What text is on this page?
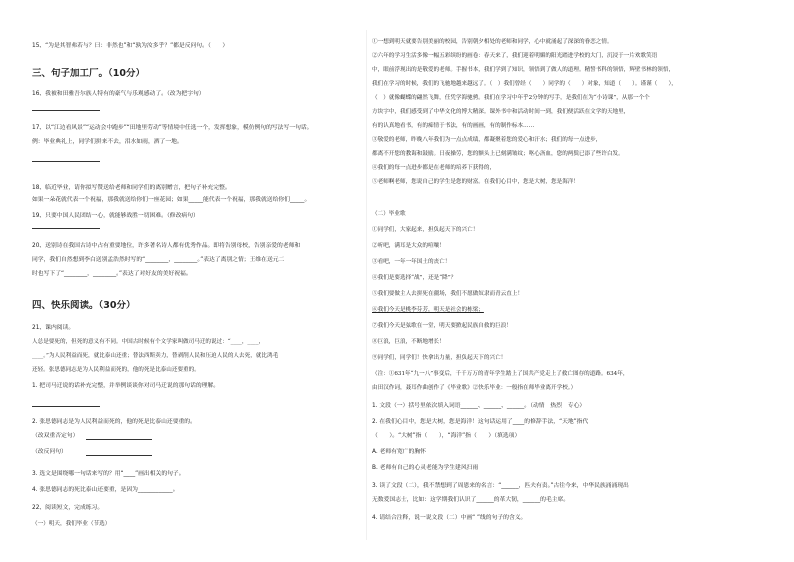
15、“为是其智弗若与？曰：非然也”和“孰为汝多乎？”都是反问句。（　　）
三、句子加工厂。（10分）
16、我被和田雅吾尔族人特有的豪气与乐观感动了。（改为把字句）
17、以“江边看风景”“运动会中跑步”“田地里劳动”等情境中任选一个，发挥想象，模仿例句的写法写一句话。
例：毕业典礼上，同学们拼来不去，泪水如雨，洒了一地。
18、临近毕业，请你拟写赞送给老师和同学们的离别赠言，把句子补充完整。
如果一朵花就代表一个祝福，那我就送给你们一座花园；如果_____能代表一个祝福，那我就送给你们_____。
19、只要中国人民团结一心，就能够战胜一切困难。（修改病句）
20、送别诗在我国古诗中占有重要地位，许多著名诗人都有优秀作品。即将告别母校，告别亲爱的老师和
同学，我们自然想到李白送别孟浩然时写的“________，________。”表达了离别之情；王维在送元二
时也写下了“________，________。”表达了对好友的美好祝福。
四、快乐阅读。（30分）
21、课内阅读。
人总是要死的，但死的意义有不同。中国古时候有个文学家叫做司马迁的说过：“____，____，
____。”为人民利益而死，就比泰山还重；替法西斯卖力，替剥削人民和压迫人民的人去死，就比鸿毛
还轻。张思德同志是为人民利益而死的，他的死是比泰山还要重的。
1. 把司马迁说的话补充完整，并举例谈谈你对司马迁说的那句话的理解。
2. 张思德同志是为人民利益而死的，他的死是比泰山还要重的。
（改双重否定句）
（改反问句）
3. 选文是围绕哪一句话来写的？用“____”画出相关的句子。
4. 张思德同志的死比泰山还要重，是因为____________。
22、阅读短文，完成练习。
（一）明天，我们毕业（节选）
①一想到明天就要告别美丽的校园，告别朝夕相处的老师和同学，心中就涌起了深深的眷恋之情。
②六年的学习生活多像一幅五彩缤纷的画卷：春天来了，我们迎着明媚的阳光踏进学校的大门，沉浸于一片欢歌笑语
中，眼前浮现出的是敬爱的老师。手握书本，我们学到了知识，领悟到了做人的道理。精誓书科的领悟，辉壁书林的领悟，
我们在学习的时候，我们的飞驰地越来越远了。（　）我们曾经（　　）同学的（　　）对象，知道（　　）。谨谨（　　），
（　）就像蝴蝶的翩然飞舞，任凭学海驰骋。我们在学习中年乎2分钟的写手，是我们在为“小诗课”，从那一个个
方块字中，我们感受到了中华文化的博大精深。课外书中和活动时间一到，我们便活跃在文学的天地里，
有的认真地看书，有的痴情于书法，有的画画，有的制作标本……
③敬爱的老师，昨晚八年我们为一点点成绩，都凝聚着您的爱心和汗水；我们的每一点进步，
都离不开您的教诲和鼓励。日夜操劳，您的额头上已刻满皱纹；呕心沥血，您的两鬓已添了些许白发。
④我们的每一点进步都是在老师的培养下获得的，
⑤老师啊老师，您说自己的学生是您的财富。在我们心目中，您是大树，您是海洋！
（二）毕业歌
①同学们，大家起来，担负起天下的兴亡！
②听吧，满耳是大众的喧嚷！
③看吧，一年一年国土的丧亡！
④我们是要选择“战”，还是“降”？
⑤我们要做主人去拼死在疆场，我们不愿做奴隶而青云直上！
⑥我们今天是桃李芬芳，明天是社会的栋梁；
⑦我们今天是弦歌在一堂，明天要掀起民族自救的巨浪！
⑧巨浪，巨浪，不断地增长！
⑨同学们，同学们！快拿出力量，担负起天下的兴亡！
（注：①631年“九一八”事变后，千千万万的青年学生踏上了国共产党走上了救亡图存的道路。634年，
由田汉作词，聂耳作曲创作了《毕业歌》②快乐毕业：一般指在师毕业离开学校。）
1. 文段（一）括号里依次填入词语______、______、______。（动情　热烈　专心）
2. 在我们心目中，您是大树，您是海洋！这句话运用了____的修辞手法，“天地”指代
（　　）。“大树”指（　　），“海洋”指（　　）（填选项）
A. 老师有宽广的胸怀
B. 老师有自己的心灵老能为学生建风扫雨
3. 读了文段（二），我不禁想到了周恩来的名言：“______，匹夫有责。”古往今来，中华民族涌涌现出
无数爱国志士，比如：这学期我们认识了______的革大韧，______的毛主席。
4. 请结合注释，说一说文段（二）中画“ ”线的句子的含义。
